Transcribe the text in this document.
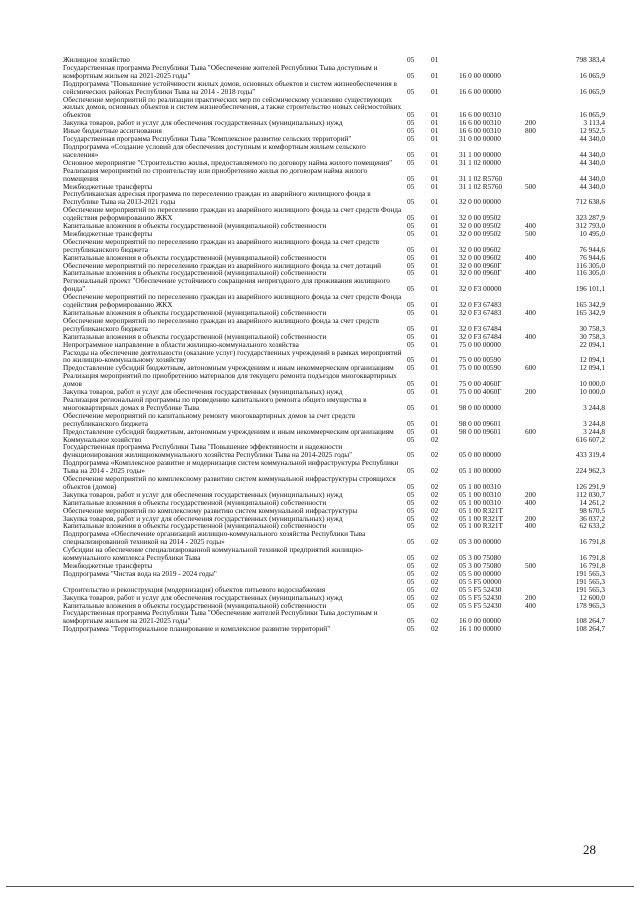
Жилищное хозяйство	05	01			798 383,4
Государственная программа Республики Тыва "Обеспечение жителей Республики Тыва доступным и комфортным жильем на 2021-2025 годы"	05	01	16 0 00 00000		16 065,9
Подпрограмма "Повышение устойчивости жилых домов, основных объектов и систем жизнеобеспечения в сейсмических районах Республики Тыва на 2014 - 2018 годы"	05	01	16 6 00 00000		16 065,9
Обеспечение мероприятий по реализации практических мер по сейсмическому усилению существующих жилых домов, основных объектов и систем жизнеобеспечения, а также строительство новых сейсмостойких объектов	05	01	16 6 00 00310		16 065,9
Закупка товаров, работ и услуг для обеспечения государственных (муниципальных) нужд	05	01	16 6 00 00310	200	3 113,4
Иные бюджетные ассигнования	05	01	16 6 00 00310	800	12 952,5
Государственная программа Республики Тыва "Комплексное развитие сельских территорий"	05	01	31 0 00 00000		44 340,0
Подпрограмма «Создание условий для обеспечения доступным и комфортным жильем сельского населения»	05	01	31 1 00 00000		44 340,0
Основное мероприятие "Строительство жилья, предоставляемого по договору найма жилого помещения"	05	01	31 1 02 00000		44 340,0
Реализация мероприятий по строительству или приобретению жилья по договорам найма жилого помещения	05	01	31 1 02 R5760		44 340,0
Межбюджетные трансферты	05	01	31 1 02 R5760	500	44 340,0
Республиканская адресная программа по переселению граждан из аварийного жилищного фонда в Республике Тыва на 2013-2021 годы	05	01	32 0 00 00000		712 638,6
Обеспечение мероприятий по переселению граждан из аварийного жилищного фонда за счет средств Фонда содействия реформированию ЖКХ	05	01	32 0 00 09502		323 287,9
Капитальные вложения в объекты государственной (муниципальной) собственности	05	01	32 0 00 09502	400	312 793,0
Межбюджетные трансферты	05	01	32 0 00 09502	500	10 495,0
Обеспечение мероприятий по переселению граждан из аварийного жилищного фонда за счет средств республиканского бюджета	05	01	32 0 00 09602		76 944,6
Капитальные вложения в объекты государственной (муниципальной) собственности	05	01	32 0 00 09602	400	76 944,6
Обеспечение мероприятий по переселению граждан из аварийного жилищного фонда за счет дотаций	05	01	32 0 00 0960Г		116 305,0
Капитальные вложения в объекты государственной (муниципальной) собственности	05	01	32 0 00 0960Г	400	116 305,0
Региональный проект "Обеспечение устойчивого сокращения непригодного для проживания жилищного фонда"	05	01	32 0 F3 00000		196 101,1
Обеспечение мероприятий по переселению граждан из аварийного жилищного фонда за счет средств Фонда содействия реформированию ЖКХ	05	01	32 0 F3 67483		165 342,9
Капитальные вложения в объекты государственной (муниципальной) собственности	05	01	32 0 F3 67483	400	165 342,9
Обеспечение мероприятий по переселению граждан из аварийного жилищного фонда за счет средств республиканского бюджета	05	01	32 0 F3 67484		30 758,3
Капитальные вложения в объекты государственной (муниципальной) собственности	05	01	32 0 F3 67484	400	30 758,3
Непрограммное направление в области жилищно-коммунального хозяйства	05	01	75 0 00 00000		22 094,1
Расходы на обеспечение деятельности (оказание услуг) государственных учреждений в рамках мероприятий по жилищно-коммунальному хозяйству	05	01	75 0 00 00590		12 094,1
Предоставление субсидий бюджетным, автономным учреждениям и иным некоммерческим организациям	05	01	75 0 00 00590	600	12 094,1
Реализация мероприятий по приобретению материалов для текущего ремонта подъездов многоквартирных домов	05	01	75 0 00 4060Г		10 000,0
Закупка товаров, работ и услуг для обеспечения государственных (муниципальных) нужд	05	01	75 0 00 4060Г	200	10 000,0
Реализация региональной программы по проведению капитального ремонта общего имущества в многоквартирных домах в Республике Тыва	05	01	98 0 00 00000		3 244,8
Обеспечение мероприятий по капитальному ремонту многоквартирных домов за счет средств республиканского бюджета	05	01	98 0 00 09601		3 244,8
Предоставление субсидий бюджетным, автономным учреждениям и иным некоммерческим организациям	05	01	98 0 00 09601	600	3 244,8
Коммунальное хозяйство	05	02			616 607,2
Государственная программа Республики Тыва "Повышение эффективности и надежности функционирования жилищнокоммунального хозяйства Республики Тыва на 2014-2025 годы"	05	02	05 0 00 00000		433 319,4
Подпрограмма «Комплексное развитие и модернизация систем коммунальной инфраструктуры Республики Тыва на 2014 - 2025 годы»	05	02	05 1 00 00000		224 962,3
Обеспечение мероприятий по комплексному развитию систем коммунальной инфраструктуры строящихся объектов (домов)	05	02	05 1 00 00310		126 291,9
Закупка товаров, работ и услуг для обеспечения государственных (муниципальных) нужд	05	02	05 1 00 00310	200	112 030,7
Капитальные вложения в объекты государственной (муниципальной) собственности	05	02	05 1 00 00310	400	14 261,2
Обеспечение мероприятий по комплексному развитию систем коммунальной инфраструктуры	05	02	05 1 00 R321Т		98 670,5
Закупка товаров, работ и услуг для обеспечения государственных (муниципальных) нужд	05	02	05 1 00 R321Т	200	36 037,2
Капитальные вложения в объекты государственной (муниципальной) собственности	05	02	05 1 00 R321Т	400	62 633,2
Подпрограмма «Обеспечение организаций жилищно-коммунального хозяйства Республики Тыва специализированной техникой на 2014 - 2025 годы»	05	02	05 3 00 00000		16 791,8
Субсидии на обеспечение специализированной коммунальной техникой предприятий жилищно-коммунального комплекса Республики Тыва	05	02	05 3 00 75080		16 791,8
Межбюджетные трансферты	05	02	05 3 00 75080	500	16 791,8
Подпрограмма "Чистая вода на 2019 - 2024 годы"	05	02	05 5 00 00000		191 565,3
	05	02	05 5 F5 00000		191 565,3
Строительство и реконструкция (модернизация) объектов питьевого водоснабжения	05	02	05 5 F5 52430		191 565,3
Закупка товаров, работ и услуг для обеспечения государственных (муниципальных) нужд	05	02	05 5 F5 52430	200	12 600,0
Капитальные вложения в объекты государственной (муниципальной) собственности	05	02	05 5 F5 52430	400	178 965,3
Государственная программа Республики Тыва "Обеспечение жителей Республики Тыва доступным и комфортным жильем на 2021-2025 годы"	05	02	16 0 00 00000		108 264,7
Подпрограмма "Территориальное планирование и комплексное развитие территорий"	05	02	16 1 00 00000		108 264,7
28
